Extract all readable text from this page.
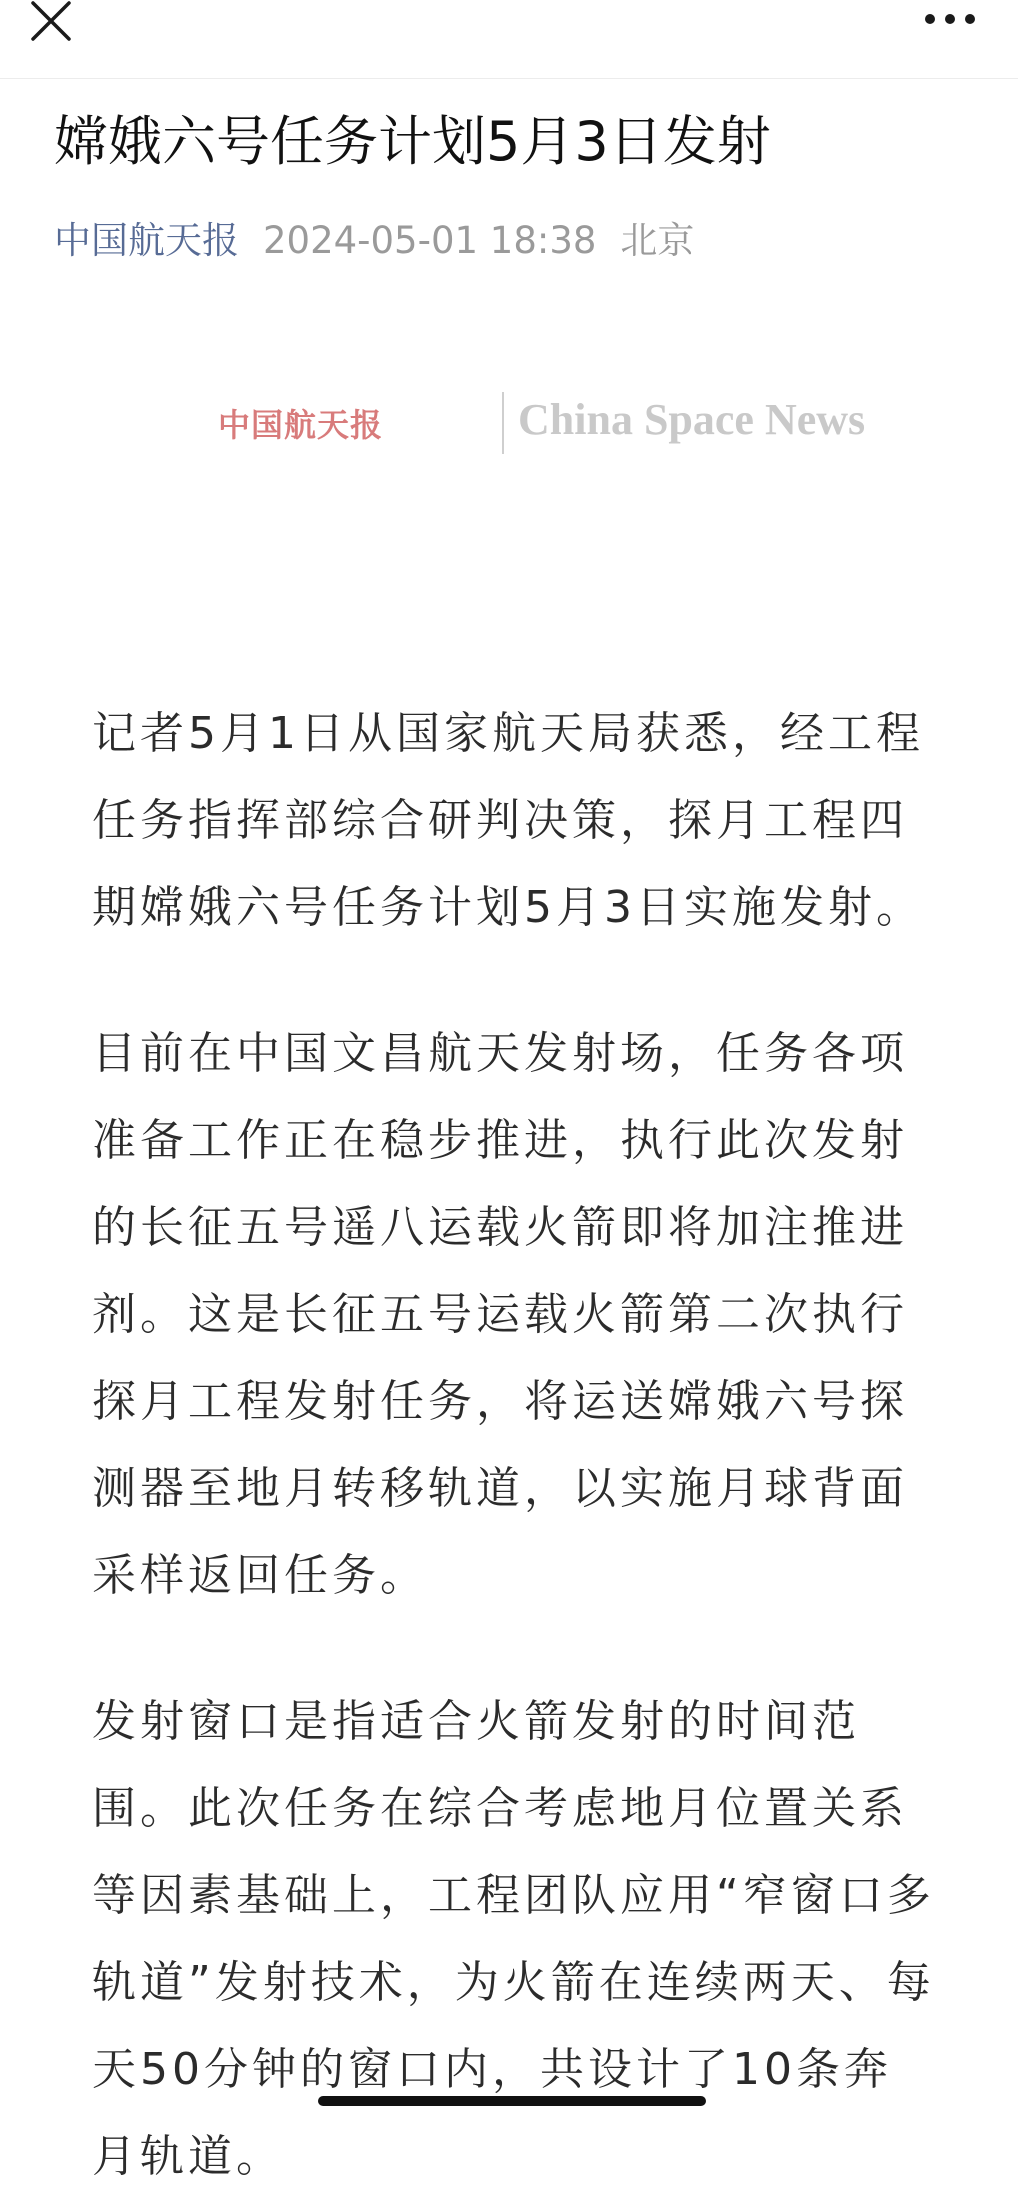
嫦娥六号任务计划5月3日发射
中国航天报 2024-05-01 18:38 北京
中国航天报	China Space News

记者5月1日从国家航天局获悉，经工程任务指挥部综合研判决策，探月工程四期嫦娥六号任务计划5月3日实施发射。

目前在中国文昌航天发射场，任务各项准备工作正在稳步推进，执行此次发射的长征五号遥八运载火箭即将加注推进剂。这是长征五号运载火箭第二次执行探月工程发射任务，将运送嫦娥六号探测器至地月转移轨道，以实施月球背面采样返回任务。

发射窗口是指适合火箭发射的时间范围。此次任务在综合考虑地月位置关系等因素基础上，工程团队应用“窄窗口多轨道”发射技术，为火箭在连续两天、每天50分钟的窗口内，共设计了10条奔月轨道。
